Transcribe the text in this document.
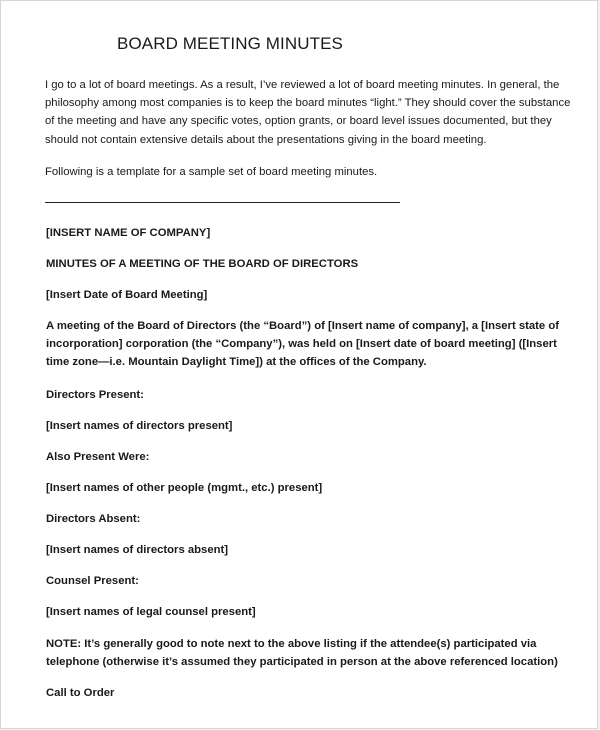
BOARD MEETING MINUTES

I go to a lot of board meetings. As a result, I’ve reviewed a lot of board meeting minutes. In general, the philosophy among most companies is to keep the board minutes “light.” They should cover the substance of the meeting and have any specific votes, option grants, or board level issues documented, but they should not contain extensive details about the presentations giving in the board meeting.

Following is a template for a sample set of board meeting minutes.

[INSERT NAME OF COMPANY]

MINUTES OF A MEETING OF THE BOARD OF DIRECTORS

[Insert Date of Board Meeting]

A meeting of the Board of Directors (the “Board”) of [Insert name of company], a [Insert state of incorporation] corporation (the “Company”), was held on [Insert date of board meeting] ([Insert time zone—i.e. Mountain Daylight Time]) at the offices of the Company.

Directors Present:

[Insert names of directors present]

Also Present Were:

[Insert names of other people (mgmt., etc.) present]

Directors Absent:

[Insert names of directors absent]

Counsel Present:

[Insert names of legal counsel present]

NOTE: It’s generally good to note next to the above listing if the attendee(s) participated via telephone (otherwise it’s assumed they participated in person at the above referenced location)

Call to Order
